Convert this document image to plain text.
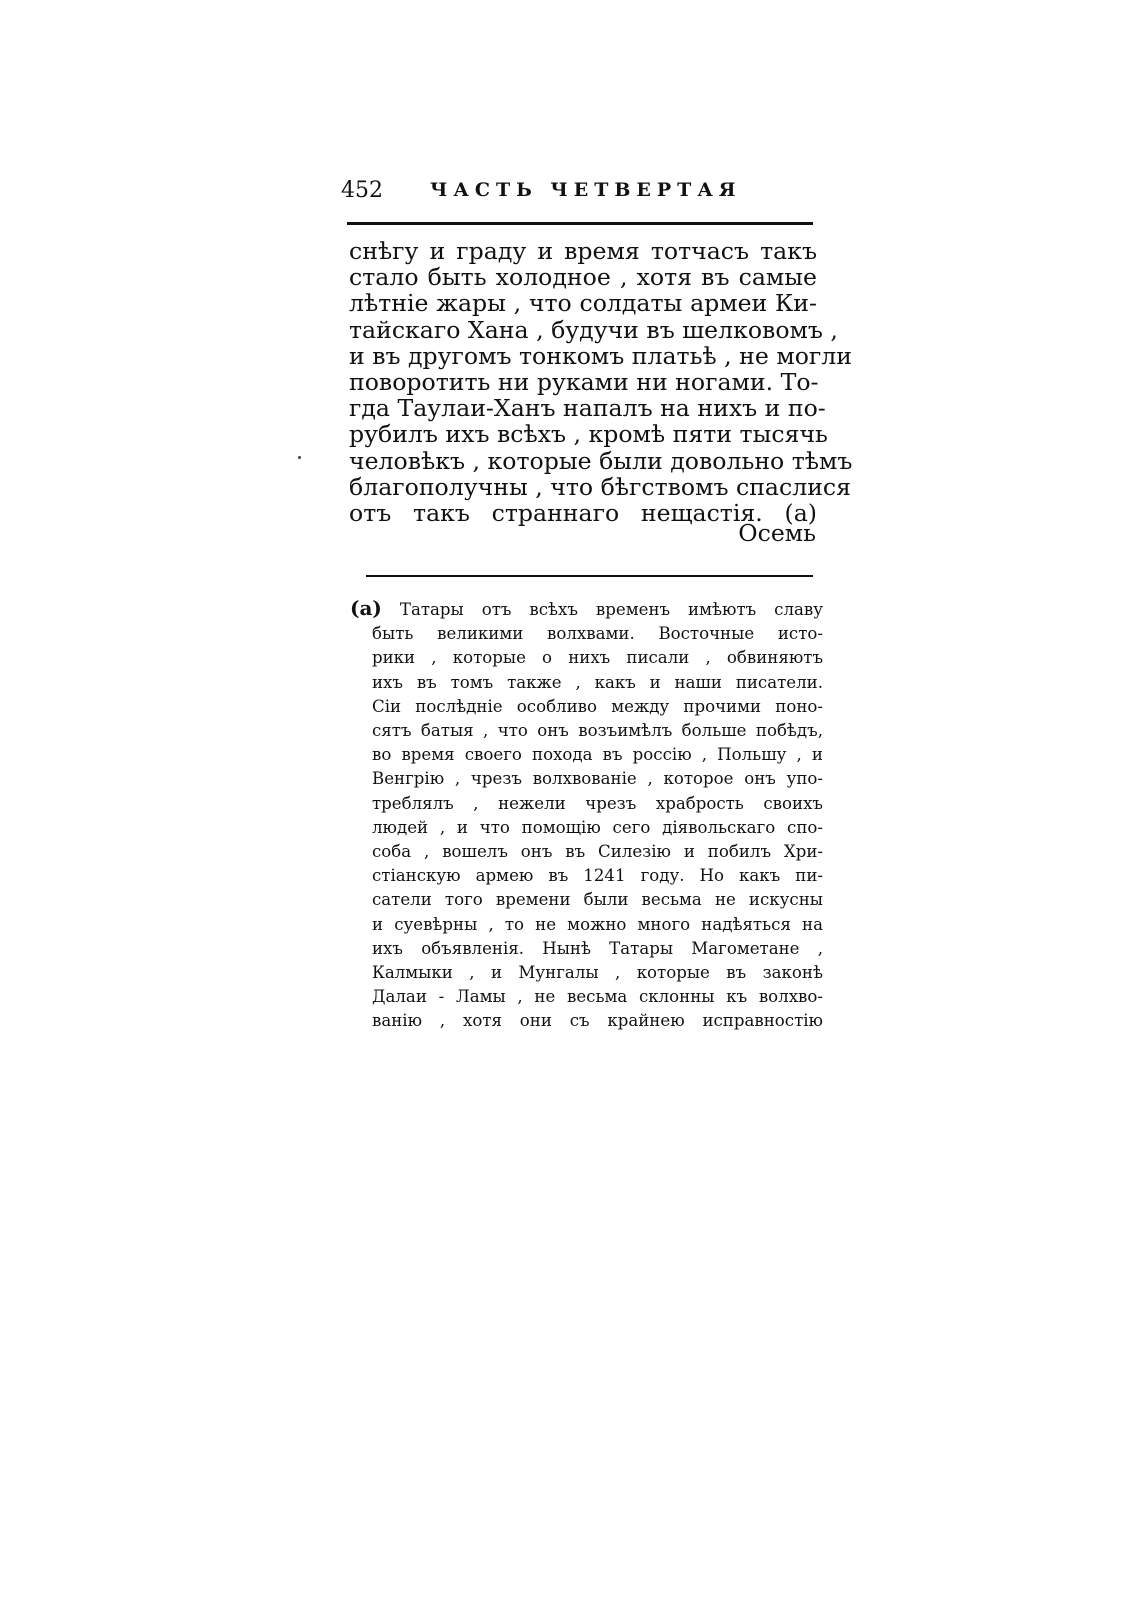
452 ЧАСТЬ ЧЕТВЕРТАЯ
снѣгу и граду и время тотчасъ такъ
стало быть холодное , хотя въ самые
лѣтніе жары , что солдаты армеи Ки-
тайскаго Хана , будучи въ шелковомъ ,
и въ другомъ тонкомъ платьѣ , не могли
поворотить ни руками ни ногами. То-
гда Таулаи-Ханъ напалъ на нихъ и по-
рубилъ ихъ всѣхъ , кромѣ пяти тысячь
человѣкъ , которые были довольно тѣмъ
благополучны , что бѣгствомъ спаслися
отъ такъ страннаго нещастія. (a)
Осемь
(a) Татары отъ всѣхъ временъ имѣютъ славу
быть великими волхвами. Восточные исто-
рики , которые о нихъ писали , обвиняютъ
ихъ въ томъ такжe , какъ и наши писатели.
Сіи послѣдніе особливо между прочими поно-
сятъ батыя , что онъ возъимѣлъ больше побѣдъ,
во время своего похода въ россію , Польшу , и
Венгрію , чрезъ волхвованіе , которое онъ упо-
треблялъ , нежели чрезъ храбрость своихъ
людей , и что помощію сего діявольскаго спо-
соба , вошелъ онъ въ Силезію и побилъ Хри-
стіанскую армею въ 1241 году. Но какъ пи-
сатели того времени были весьма не искусны
и суевѣрны , то не можно много надѣяться на
ихъ объявленія. Нынѣ Татары Магометане ,
Калмыки , и Мунгалы , которые въ законѣ
Далаи - Ламы , не весьма склонны къ волхво-
ванію , хотя они съ крайнею исправностію
